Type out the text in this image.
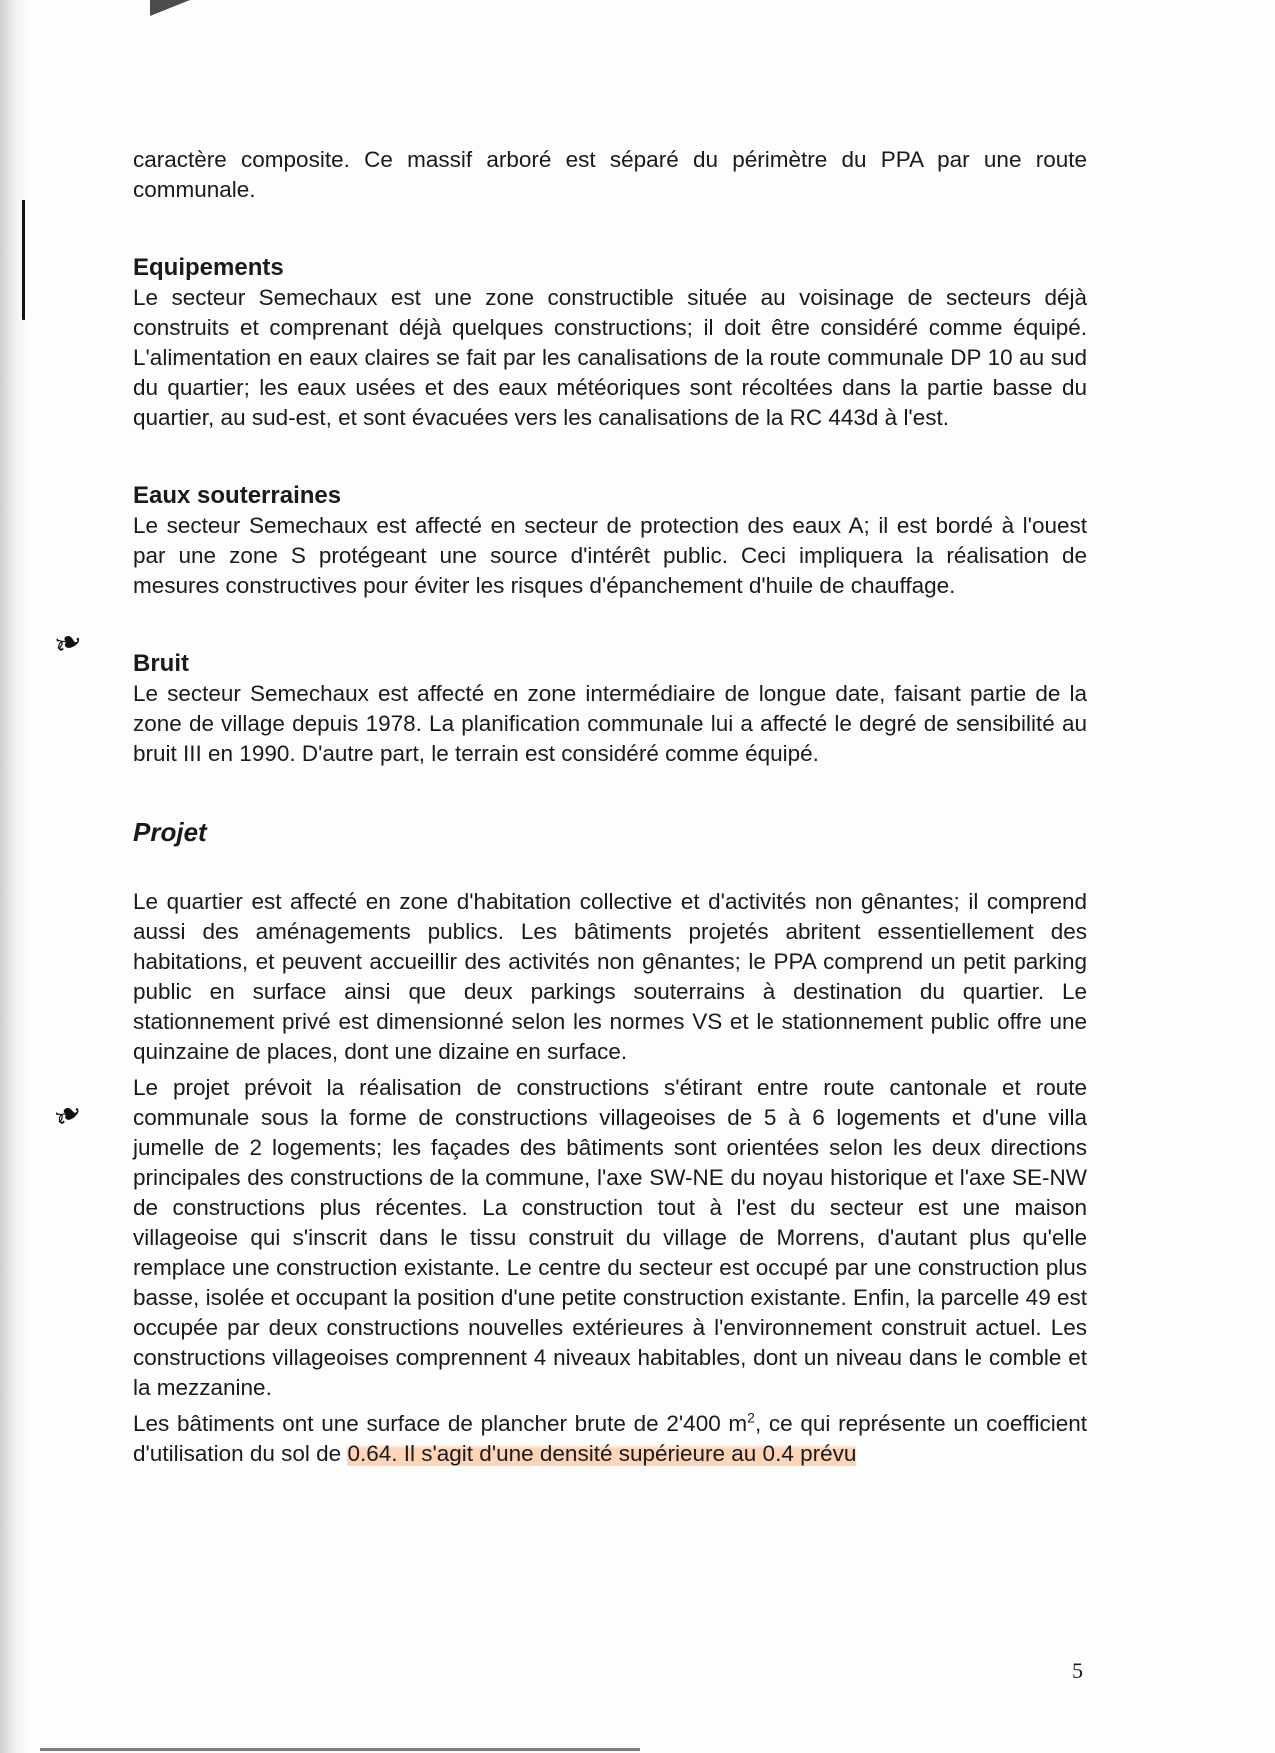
❧
❧

caractère composite. Ce massif arboré est séparé du périmètre du PPA par une route communale.

Equipements

Le secteur Semechaux est une zone constructible située au voisinage de secteurs déjà construits et comprenant déjà quelques constructions; il doit être considéré comme équipé. L'alimentation en eaux claires se fait par les canalisations de la route communale DP 10 au sud du quartier; les eaux usées et des eaux météoriques sont récoltées dans la partie basse du quartier, au sud-est, et sont évacuées vers les canalisations de la RC 443d à l'est.

Eaux souterraines

Le secteur Semechaux est affecté en secteur de protection des eaux A; il est bordé à l'ouest par une zone S protégeant une source d'intérêt public. Ceci impliquera la réalisation de mesures constructives pour éviter les risques d'épanchement d'huile de chauffage.

Bruit

Le secteur Semechaux est affecté en zone intermédiaire de longue date, faisant partie de la zone de village depuis 1978. La planification communale lui a affecté le degré de sensibilité au bruit III en 1990. D'autre part, le terrain est considéré comme équipé.

Projet

Le quartier est affecté en zone d'habitation collective et d'activités non gênantes; il comprend aussi des aménagements publics. Les bâtiments projetés abritent essentiellement des habitations, et peuvent accueillir des activités non gênantes; le PPA comprend un petit parking public en surface ainsi que deux parkings souterrains à destination du quartier. Le stationnement privé est dimensionné selon les normes VS et le stationnement public offre une quinzaine de places, dont une dizaine en surface.

Le projet prévoit la réalisation de constructions s'étirant entre route cantonale et route communale sous la forme de constructions villageoises de 5 à 6 logements et d'une villa jumelle de 2 logements; les façades des bâtiments sont orientées selon les deux directions principales des constructions de la commune, l'axe SW-NE du noyau historique et l'axe SE-NW de constructions plus récentes. La construction tout à l'est du secteur est une maison villageoise qui s'inscrit dans le tissu construit du village de Morrens, d'autant plus qu'elle remplace une construction existante. Le centre du secteur est occupé par une construction plus basse, isolée et occupant la position d'une petite construction existante. Enfin, la parcelle 49 est occupée par deux constructions nouvelles extérieures à l'environnement construit actuel. Les constructions villageoises comprennent 4 niveaux habitables, dont un niveau dans le comble et la mezzanine.

Les bâtiments ont une surface de plancher brute de 2'400 $m^2$, ce qui représente un coefficient d'utilisation du sol de 0.64. Il s'agit d'une densité supérieure au 0.4 prévu

5
